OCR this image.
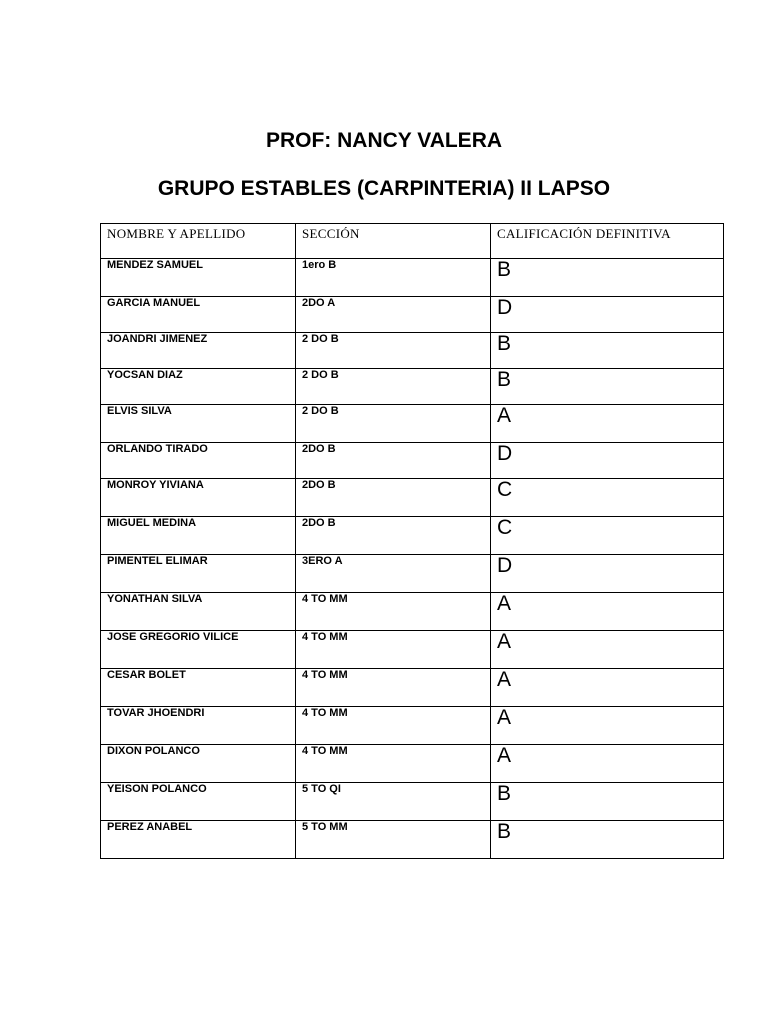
PROF: NANCY VALERA
GRUPO ESTABLES (CARPINTERIA) II LAPSO
NOMBRE Y APELLIDO	SECCIÓN	CALIFICACIÓN DEFINITIVA
MENDEZ SAMUEL	1ero B	B
GARCIA MANUEL	2DO A	D
JOANDRI JIMENEZ	2 DO B	B
YOCSAN DIAZ	2 DO B	B
ELVIS SILVA	2 DO B	A
ORLANDO TIRADO	2DO B	D
MONROY YIVIANA	2DO B	C
MIGUEL MEDINA	2DO B	C
PIMENTEL ELIMAR	3ERO A	D
YONATHAN SILVA	4 TO MM	A
JOSE GREGORIO VILICE	4 TO MM	A
CESAR BOLET	4 TO MM	A
TOVAR JHOENDRI	4 TO MM	A
DIXON POLANCO	4 TO MM	A
YEISON POLANCO	5 TO QI	B
PEREZ ANABEL	5 TO MM	B
